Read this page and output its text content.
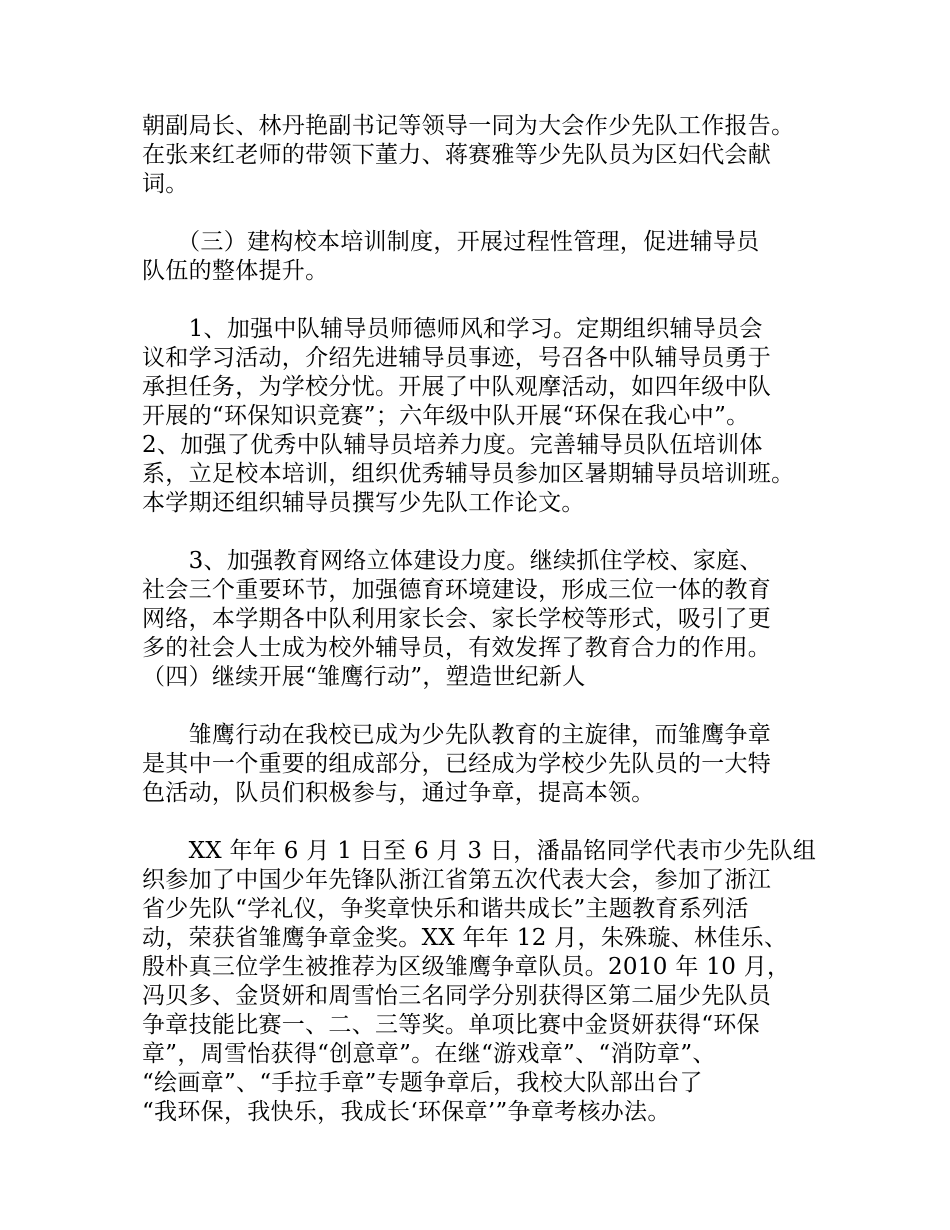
朝副局长、林丹艳副书记等领导一同为大会作少先队工作报告。
在张来红老师的带领下董力、蒋赛雅等少先队员为区妇代会献
词。
　　（三）建构校本培训制度，开展过程性管理，促进辅导员
队伍的整体提升。
　　1、加强中队辅导员师德师风和学习。定期组织辅导员会
议和学习活动，介绍先进辅导员事迹，号召各中队辅导员勇于
承担任务，为学校分忧。开展了中队观摩活动，如四年级中队
开展的“环保知识竞赛”；六年级中队开展“环保在我心中”。
2、加强了优秀中队辅导员培养力度。完善辅导员队伍培训体
系，立足校本培训，组织优秀辅导员参加区暑期辅导员培训班。
本学期还组织辅导员撰写少先队工作论文。
　　3、加强教育网络立体建设力度。继续抓住学校、家庭、
社会三个重要环节，加强德育环境建设，形成三位一体的教育
网络，本学期各中队利用家长会、家长学校等形式，吸引了更
多的社会人士成为校外辅导员，有效发挥了教育合力的作用。
（四）继续开展“雏鹰行动”，塑造世纪新人
　　雏鹰行动在我校已成为少先队教育的主旋律，而雏鹰争章
是其中一个重要的组成部分，已经成为学校少先队员的一大特
色活动，队员们积极参与，通过争章，提高本领。
　　XX 年年 6 月 1 日至 6 月 3 日，潘晶铭同学代表市少先队组
织参加了中国少年先锋队浙江省第五次代表大会，参加了浙江
省少先队“学礼仪，争奖章快乐和谐共成长”主题教育系列活
动，荣获省雏鹰争章金奖。XX 年年 12 月，朱殊璇、林佳乐、
殷朴真三位学生被推荐为区级雏鹰争章队员。2010 年 10 月，
冯贝多、金贤妍和周雪怡三名同学分别获得区第二届少先队员
争章技能比赛一、二、三等奖。单项比赛中金贤妍获得“环保
章”，周雪怡获得“创意章”。在继“游戏章”、“消防章”、
“绘画章”、“手拉手章”专题争章后，我校大队部出台了
“我环保，我快乐，我成长‘环保章’”争章考核办法。
